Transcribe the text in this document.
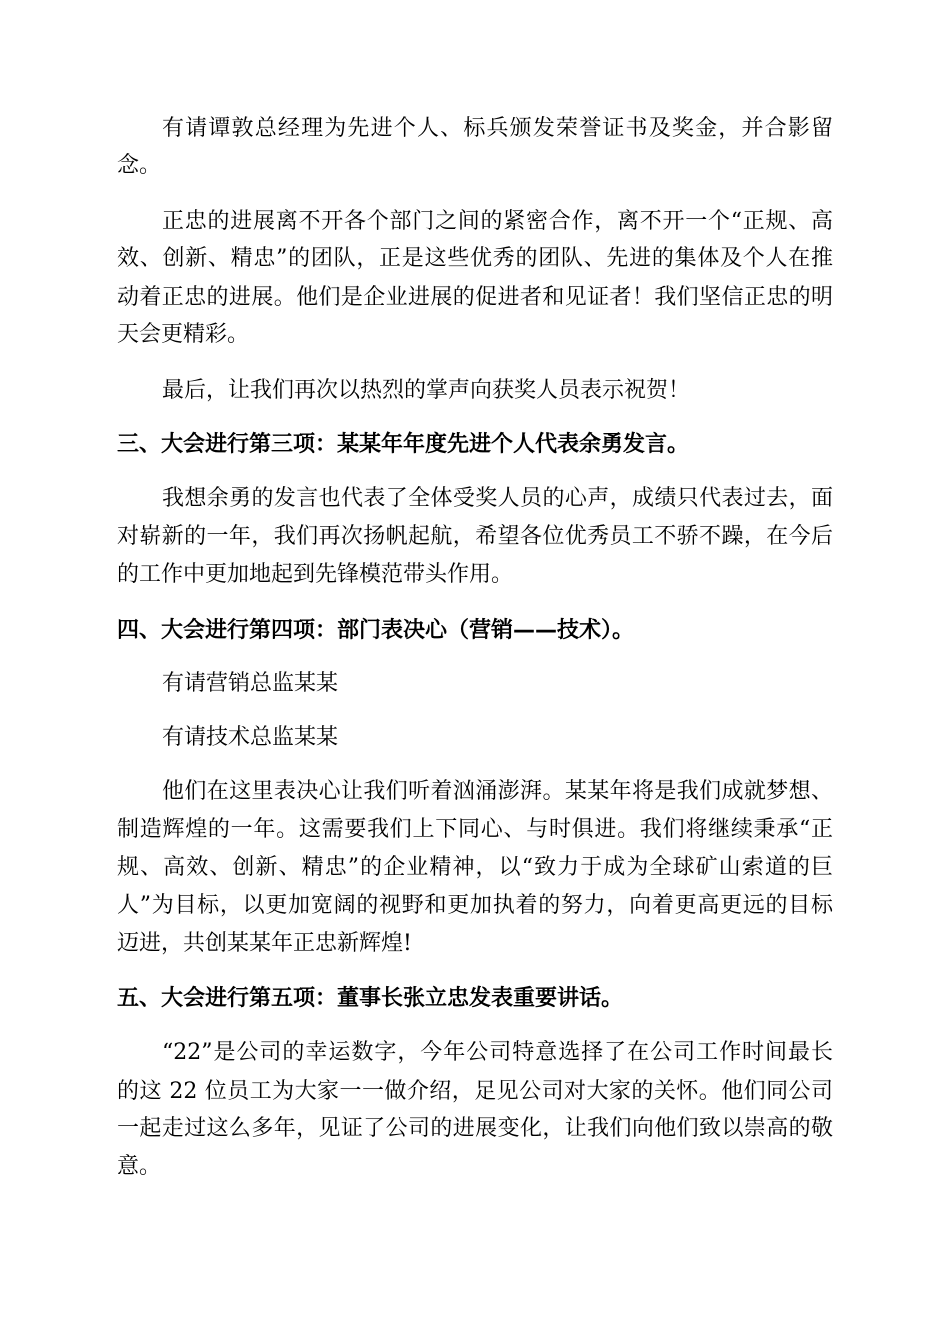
有请谭敦总经理为先进个人、标兵颁发荣誉证书及奖金，并合影留
念。
正忠的进展离不开各个部门之间的紧密合作，离不开一个“正规、高
效、创新、精忠”的团队，正是这些优秀的团队、先进的集体及个人在推
动着正忠的进展。他们是企业进展的促进者和见证者！我们坚信正忠的明
天会更精彩。
最后，让我们再次以热烈的掌声向获奖人员表示祝贺！
三、大会进行第三项：某某年年度先进个人代表余勇发言。
我想余勇的发言也代表了全体受奖人员的心声，成绩只代表过去，面
对崭新的一年，我们再次扬帆起航，希望各位优秀员工不骄不躁，在今后
的工作中更加地起到先锋模范带头作用。
四、大会进行第四项：部门表决心（营销——技术）。
有请营销总监某某
有请技术总监某某
他们在这里表决心让我们听着汹涌澎湃。某某年将是我们成就梦想、
制造辉煌的一年。这需要我们上下同心、与时俱进。我们将继续秉承“正
规、高效、创新、精忠”的企业精神，以“致力于成为全球矿山索道的巨
人”为目标，以更加宽阔的视野和更加执着的努力，向着更高更远的目标
迈进，共创某某年正忠新辉煌!
五、大会进行第五项：董事长张立忠发表重要讲话。
“22”是公司的幸运数字，今年公司特意选择了在公司工作时间最长
的这 22 位员工为大家一一做介绍，足见公司对大家的关怀。他们同公司
一起走过这么多年，见证了公司的进展变化，让我们向他们致以崇高的敬
意。
